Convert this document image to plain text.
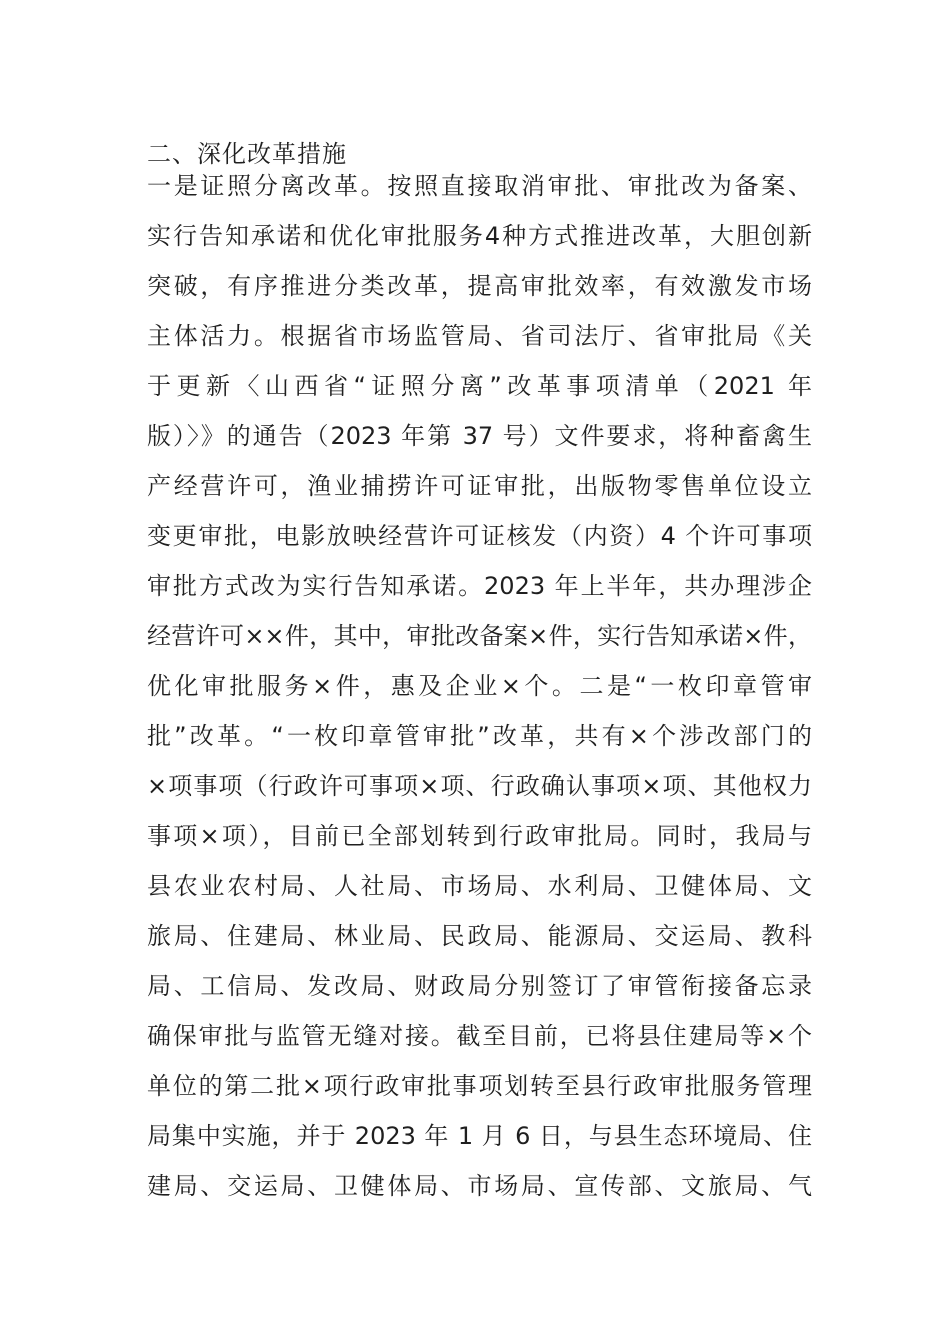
二、深化改革措施
一是证照分离改革。按照直接取消审批、审批改为备案、
实行告知承诺和优化审批服务4种方式推进改革，大胆创新
突破，有序推进分类改革，提高审批效率，有效激发市场
主体活力。根据省市场监管局、省司法厅、省审批局《关
于更新〈山西省“证照分离”改革事项清单（2021 年
版）〉》的通告（2023 年第 37 号）文件要求，将种畜禽生
产经营许可，渔业捕捞许可证审批，出版物零售单位设立
变更审批，电影放映经营许可证核发（内资）4 个许可事项
审批方式改为实行告知承诺。2023 年上半年，共办理涉企
经营许可××件，其中，审批改备案×件，实行告知承诺×件，
优化审批服务×件，惠及企业×个。二是“一枚印章管审
批”改革。“一枚印章管审批”改革，共有×个涉改部门的
×项事项（行政许可事项×项、行政确认事项×项、其他权力
事项×项），目前已全部划转到行政审批局。同时，我局与
县农业农村局、人社局、市场局、水利局、卫健体局、文
旅局、住建局、林业局、民政局、能源局、交运局、教科
局、工信局、发改局、财政局分别签订了审管衔接备忘录
确保审批与监管无缝对接。截至目前，已将县住建局等×个
单位的第二批×项行政审批事项划转至县行政审批服务管理
局集中实施，并于 2023 年 1 月 6 日，与县生态环境局、住
建局、交运局、卫健体局、市场局、宣传部、文旅局、气
